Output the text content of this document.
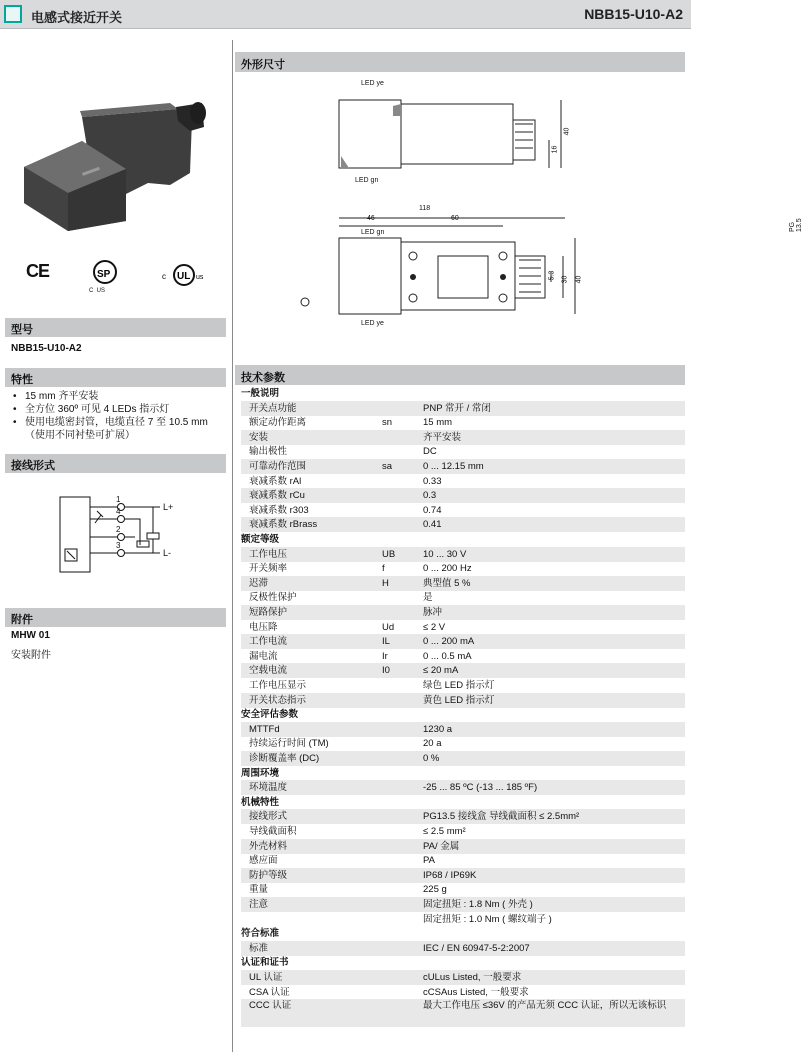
电感式接近开关	NBB15-U10-A2
CE	SP
C  US
UL
c	us
型号
NBB15-U10-A2
特性
• 15 mm 齐平安装
• 全方位 360º 可见 4 LEDs 指示灯
• 使用电缆密封管，电缆直径 7 至 10.5 mm（使用不同衬垫可扩展）
接线形式
1
4
2
3
L+
L-
附件
MHW 01
安装附件
外形尺寸
LED ye
LED gn
40
16
118
46	60
LED gn
LED ye
PG 13.5
5.3 30 40
技术参数
一般说明
开关点功能	PNP 常开 / 常闭
额定动作距离	sn	15 mm
安装	齐平安装
输出极性	DC
可靠动作范围	sa	0 ... 12.15 mm
衰减系数 rAl	0.33
衰减系数 rCu	0.3
衰减系数 r303	0.74
衰减系数 rBrass	0.41
额定等级
工作电压	UB	10 ... 30 V
开关频率	f	0 ... 200 Hz
迟滞	H	典型值 5 %
反极性保护	是
短路保护	脉冲
电压降	Ud	≤ 2 V
工作电流	IL	0 ... 200 mA
漏电流	Ir	0 ... 0.5 mA
空载电流	I0	≤ 20 mA
工作电压显示	绿色 LED 指示灯
开关状态指示	黄色 LED 指示灯
安全评估参数
MTTFd	1230 a
持续运行时间 (TM)	20 a
诊断覆盖率 (DC)	0 %
周围环境
环境温度	-25 ... 85 ºC (-13 ... 185 ºF)
机械特性
接线形式	PG13.5 接线盒 导线截面积 ≤ 2.5mm²
导线截面积	≤ 2.5 mm²
外壳材料	PA/ 金属
感应面	PA
防护等级	IP68 / IP69K
重量	225 g
注意	固定扭矩 : 1.8 Nm ( 外壳 )
固定扭矩 : 1.0 Nm ( 螺纹端子 )
符合标准
标准	IEC / EN 60947-5-2:2007
认证和证书
UL 认证	cULus Listed, 一般要求
CSA 认证	cCSAus Listed, 一般要求
CCC 认证	最大工作电压 ≤36V 的产品无须 CCC 认证，所以无该标识
